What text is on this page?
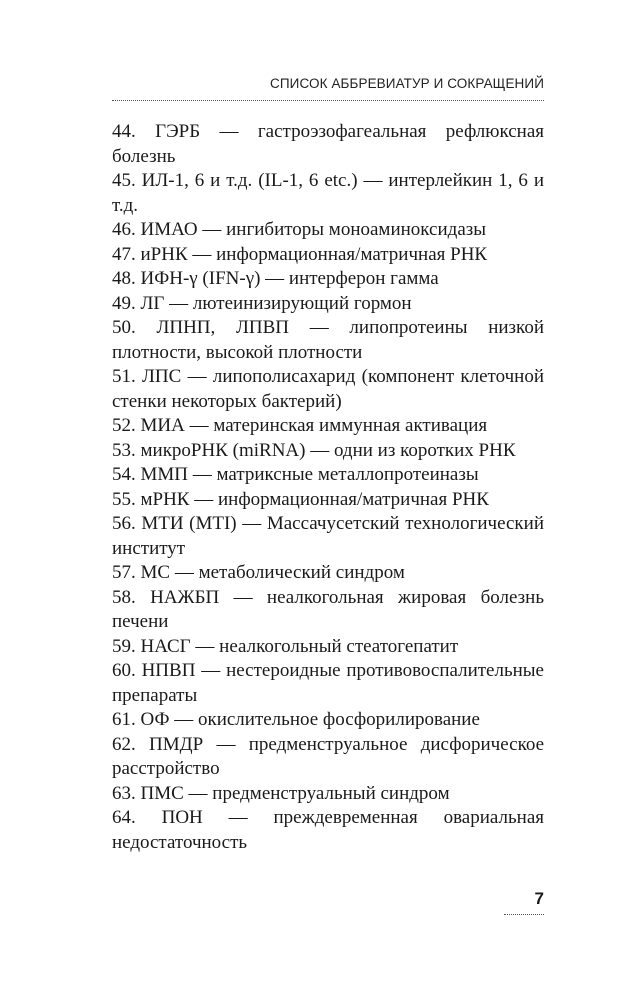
СПИСОК АББРЕВИАТУР И СОКРАЩЕНИЙ

44. ГЭРБ — гастроэзофагеальная рефлюксная болезнь

45. ИЛ-1, 6 и т.д. (IL-1, 6 etc.) — интерлейкин 1, 6 и т.д.

46. ИМАО — ингибиторы моноаминоксидазы

47. иРНК — информационная/матричная РНК

48. ИФН-γ (IFN-γ) — интерферон гамма

49. ЛГ — лютеинизирующий гормон

50. ЛПНП, ЛПВП — липопротеины низкой плотности, высокой плотности

51. ЛПС — липополисахарид (компонент клеточной стенки некоторых бактерий)

52. МИА — материнская иммунная активация

53. микроРНК (miRNA) — одни из коротких РНК

54. ММП — матриксные металлопротеиназы

55. мРНК — информационная/матричная РНК

56. МТИ (MTI) — Массачусетский технологический институт

57. МС — метаболический синдром

58. НАЖБП — неалкогольная жировая болезнь печени

59. НАСГ — неалкогольный стеатогепатит

60. НПВП — нестероидные противовоспалительные препараты

61. ОФ — окислительное фосфорилирование

62. ПМДР — предменструальное дисфорическое расстройство

63. ПМС — предменструальный синдром

64. ПОН — преждевременная овариальная недостаточность

7
